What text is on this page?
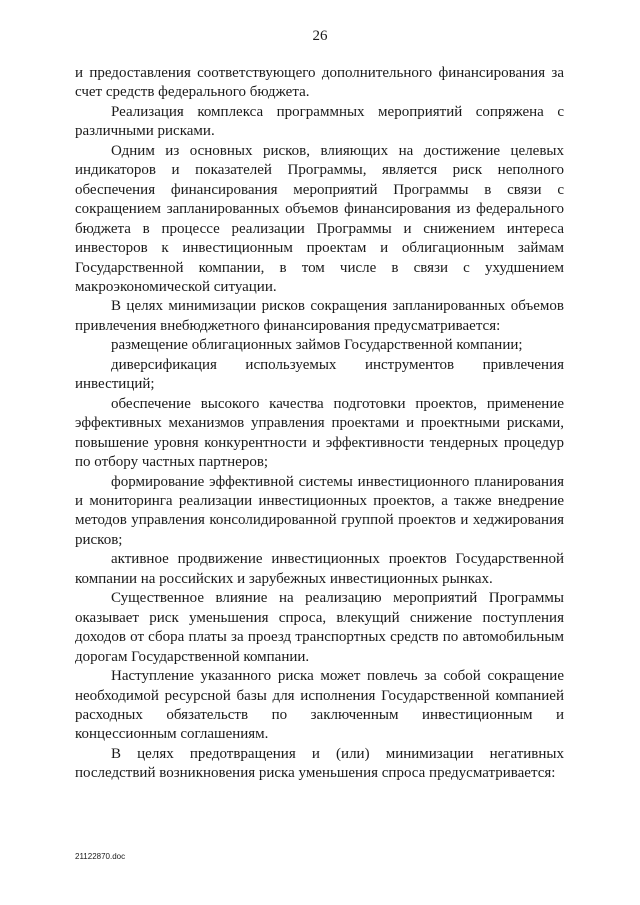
26

и предоставления соответствующего дополнительного финансирования за счет средств федерального бюджета.

Реализация комплекса программных мероприятий сопряжена с различными рисками.

Одним из основных рисков, влияющих на достижение целевых индикаторов и показателей Программы, является риск неполного обеспечения финансирования мероприятий Программы в связи с сокращением запланированных объемов финансирования из федерального бюджета в процессе реализации Программы и снижением интереса инвесторов к инвестиционным проектам и облигационным займам Государственной компании, в том числе в связи с ухудшением макроэкономической ситуации.

В целях минимизации рисков сокращения запланированных объемов привлечения внебюджетного финансирования предусматривается:

размещение облигационных займов Государственной компании;

диверсификация используемых инструментов привлечения инвестиций;

обеспечение высокого качества подготовки проектов, применение эффективных механизмов управления проектами и проектными рисками, повышение уровня конкурентности и эффективности тендерных процедур по отбору частных партнеров;

формирование эффективной системы инвестиционного планирования и мониторинга реализации инвестиционных проектов, а также внедрение методов управления консолидированной группой проектов и хеджирования рисков;

активное продвижение инвестиционных проектов Государственной компании на российских и зарубежных инвестиционных рынках.

Существенное влияние на реализацию мероприятий Программы оказывает риск уменьшения спроса, влекущий снижение поступления доходов от сбора платы за проезд транспортных средств по автомобильным дорогам Государственной компании.

Наступление указанного риска может повлечь за собой сокращение необходимой ресурсной базы для исполнения Государственной компанией расходных обязательств по заключенным инвестиционным и концессионным соглашениям.

В целях предотвращения и (или) минимизации негативных последствий возникновения риска уменьшения спроса предусматривается:

21122870.doc
